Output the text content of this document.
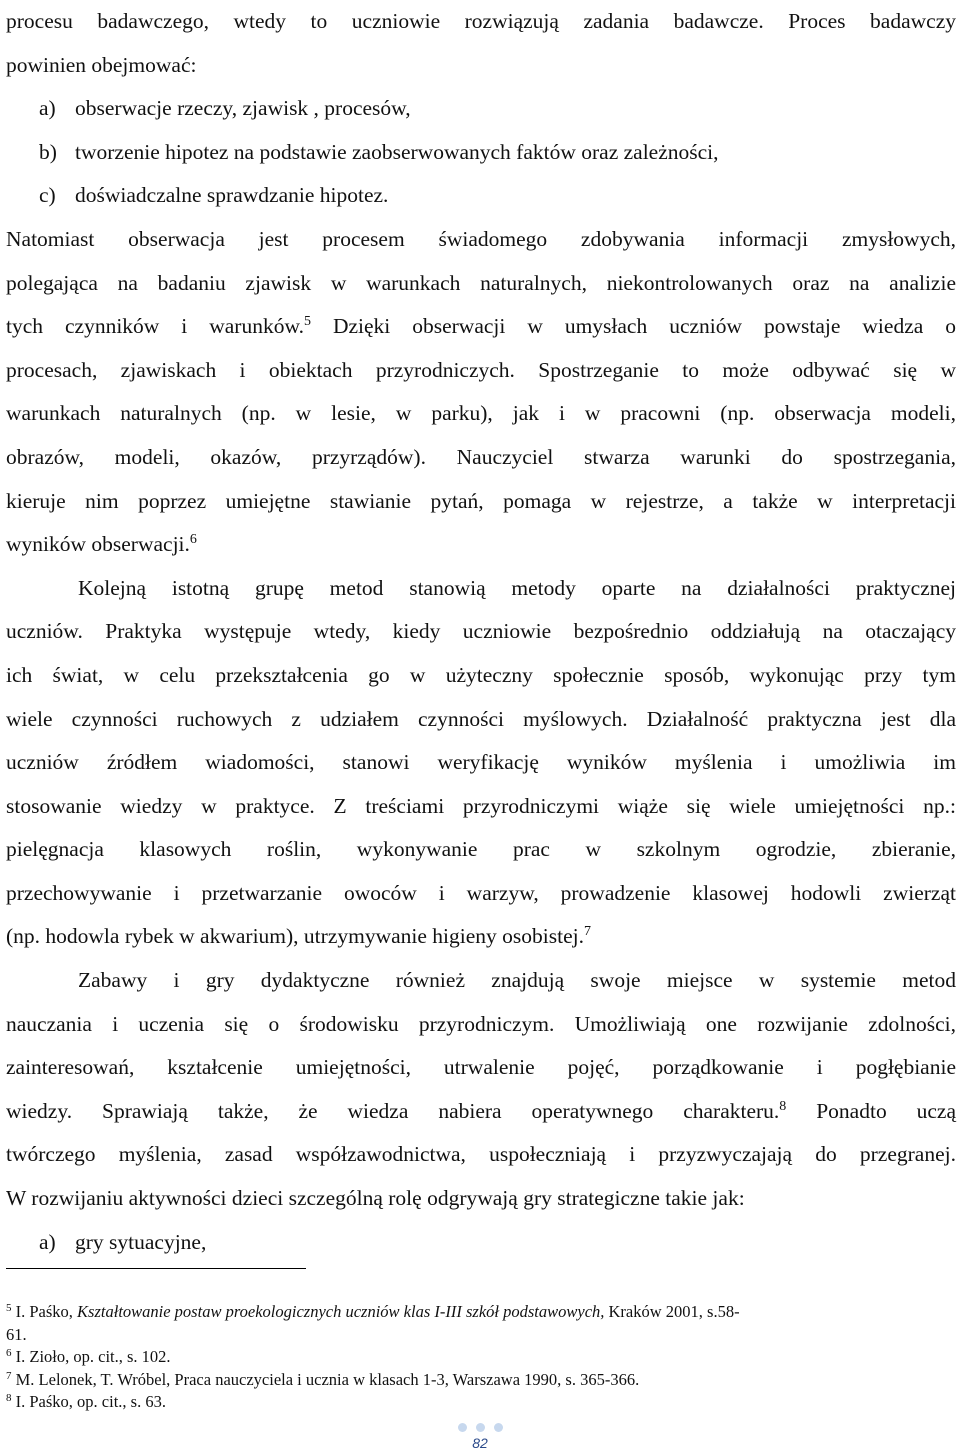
procesu badawczego, wtedy to uczniowie rozwiązują zadania badawcze. Proces badawczy
powinien obejmować:
a) obserwacje rzeczy, zjawisk , procesów,
b) tworzenie hipotez na podstawie zaobserwowanych faktów oraz zależności,
c) doświadczalne sprawdzanie hipotez.
Natomiast obserwacja jest procesem świadomego zdobywania informacji zmysłowych,
polegająca na badaniu zjawisk w warunkach naturalnych, niekontrolowanych oraz na analizie
tych czynników i warunków.$^5$ Dzięki obserwacji w umysłach uczniów powstaje wiedza o
procesach, zjawiskach i obiektach przyrodniczych. Spostrzeganie to może odbywać się w
warunkach naturalnych (np. w lesie, w parku), jak i w pracowni (np. obserwacja modeli,
obrazów, modeli, okazów, przyrządów). Nauczyciel stwarza warunki do spostrzegania,
kieruje nim poprzez umiejętne stawianie pytań, pomaga w rejestrze, a także w interpretacji
wyników obserwacji.$^6$
Kolejną istotną grupę metod stanowią metody oparte na działalności praktycznej
uczniów. Praktyka występuje wtedy, kiedy uczniowie bezpośrednio oddziałują na otaczający
ich świat, w celu przekształcenia go w użyteczny społecznie sposób, wykonując przy tym
wiele czynności ruchowych z udziałem czynności myślowych. Działalność praktyczna jest dla
uczniów źródłem wiadomości, stanowi weryfikację wyników myślenia i umożliwia im
stosowanie wiedzy w praktyce. Z treściami przyrodniczymi wiąże się wiele umiejętności np.:
pielęgnacja klasowych roślin, wykonywanie prac w szkolnym ogrodzie, zbieranie,
przechowywanie i przetwarzanie owoców i warzyw, prowadzenie klasowej hodowli zwierząt
(np. hodowla rybek w akwarium), utrzymywanie higieny osobistej.$^7$
Zabawy i gry dydaktyczne również znajdują swoje miejsce w systemie metod
nauczania i uczenia się o środowisku przyrodniczym. Umożliwiają one rozwijanie zdolności,
zainteresowań, kształcenie umiejętności, utrwalenie pojęć, porządkowanie i pogłębianie
wiedzy. Sprawiają także, że wiedza nabiera operatywnego charakteru.$^8$ Ponadto uczą
twórczego myślenia, zasad współzawodnictwa, uspołeczniają i przyzwyczajają do przegranej.
W rozwijaniu aktywności dzieci szczególną rolę odgrywają gry strategiczne takie jak:
a) gry sytuacyjne,
$^5$ I. Paśko, Kształtowanie postaw proekologicznych uczniów klas I-III szkół podstawowych, Kraków 2001, s.58-
61.
$^6$ I. Zioło, op. cit., s. 102.
$^7$ M. Lelonek, T. Wróbel, Praca nauczyciela i ucznia w klasach 1-3, Warszawa 1990, s. 365-366.
$^8$ I. Paśko, op. cit., s. 63.
82
